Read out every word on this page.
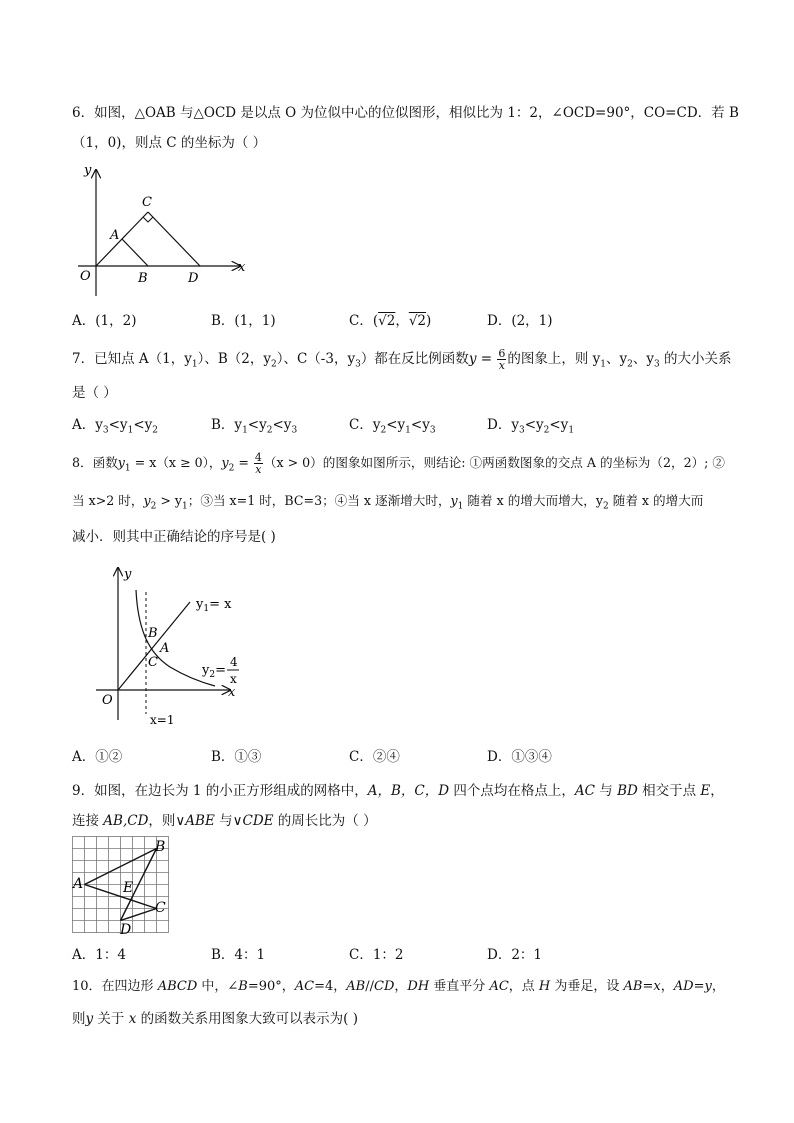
6．如图，△OAB 与△OCD 是以点 O 为位似中心的位似图形，相似比为 1：2，∠OCD=90°，CO=CD．若 B
（1，0)，则点 C 的坐标为（ ）
y
x
O
A
B
C
D
A．(1，2)	B．(1，1)	C．(√2，√2)	D．(2，1)
7．已知点 A（1，$y_1$）、B（2，$y_2$）、C（-3，$y_3$）都在反比例函数$y = \frac{6}{x}$ 的图象上，则 $y_1$、$y_2$、$y_3$ 的大小关系
是（ ）
A．$y_3<y_1<y_2$	B．$y_1<y_2<y_3$	C．$y_2<y_1<y_3$	D．$y_3<y_2<y_1$
8．函数$y_1 = x(x \ge 0)$，$y_2 = \frac{4}{x} (x > 0)$的图象如图所示，则结论: ①两函数图象的交点 A 的坐标为（2，2）; ②
当 x>2 时，$y_2 > y_1$；③当 x=1 时，BC=3；④当 x 逐渐增大时，$y_1$ 随着 x 的增大而增大，$y_2$ 随着 x 的增大而
减小．则其中正确结论的序号是( )
y
x
O
B
A
C
$y_1= x$
$y_2=$
4
x
x=1
A．①②	B．①③	C．②④	D．①③④
9．如图，在边长为 1 的小正方形组成的网格中，A，B，C，D 四个点均在格点上，AC 与 BD 相交于点 E，
连接 AB,CD，则∨ABE 与∨CDE 的周长比为（ ）
A
B
C
D
E
A．1：4	B．4：1	C．1：2	D．2：1
10．在四边形 ABCD 中，∠B=90°，AC=4，AB//CD，DH 垂直平分 AC，点 H 为垂足，设 AB=x，AD=y，
则y 关于 x 的函数关系用图象大致可以表示为( )
